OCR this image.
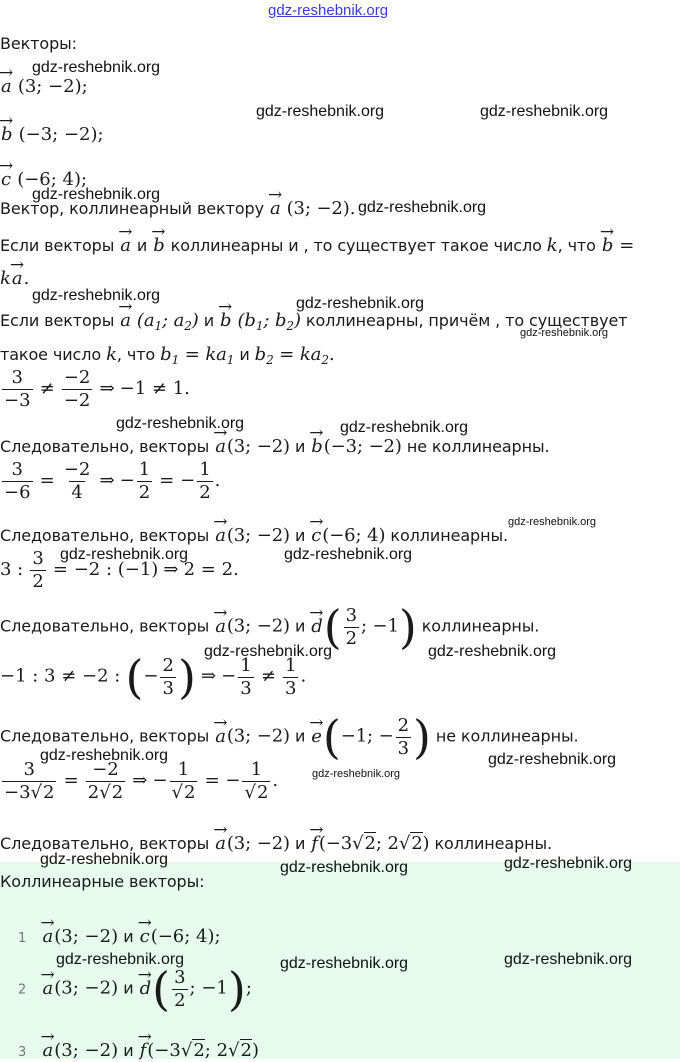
gdz-reshebnik.org
Векторы:
→ a (3; −2);
→ b (−3; −2);
→ c (−6; 4);
Вектор, коллинеарный вектору → a (3; −2).
Если векторы → a и → b коллинеарны и , то существует такое число k, что → b =
k→ a.
Если векторы → a ($a_1$; $a_2$) и → b ($b_1$; $b_2$) коллинеарны, причём , то существует
такое число k, что $b_1 = ka_1$ и $b_2 = ka_2$.
$\frac{3}{-3} \ne \frac{-2}{-2}$ ⇒ −1 ≠ 1.
Следовательно, векторы → a(3; −2) и → b(−3; −2) не коллинеарны.
$\frac{3}{-6} = \frac{-2}{4}$ ⇒ − $\frac{1}{2}$ = − $\frac{1}{2}$ .
Следовательно, векторы → a(3; −2) и → c(−6; 4) коллинеарны.
3 : $\frac{3}{2} = -2$ : (−1) ⇒ 2 = 2.
Следовательно, векторы → a(3; −2) $и \to d( \frac{3}{2}$ ; −1) коллинеарны.
−1 : 3 ≠ −2 : (− $\frac{2}{3}$ ) ⇒ − $\frac{1}{3} \ne \frac{1}{3}$ .
Следовательно, векторы → a(3; −2) и → e(−1; − $\frac{2}{3}$ ) не коллинеарны.
$\frac{3}{-3√2} = \frac{-2}{2√2}$ ⇒ − $\frac{1}{√2}$ = − $\frac{1}{√2}$ .
Следовательно, векторы → a(3; −2) и → f(−3√2; 2√2) коллинеарны.
Коллинеарные векторы:
1 → a(3; −2) и → c(−6; 4);
2 → a(3; −2) $и \to d( \frac{3}{2}$ ; −1);
3 → a(3; −2) и → f(−3√2; 2√2)
gdz-reshebnik.org
gdz-reshebnik.org	gdz-reshebnik.org
gdz-reshebnik.org
gdz-reshebnik.org
gdz-reshebnik.org	gdz-reshebnik.org
gdz-reshebnik.org
gdz-reshebnik.org	gdz-reshebnik.org
gdz-reshebnik.org
gdz-reshebnik.org	gdz-reshebnik.org
gdz-reshebnik.org	gdz-reshebnik.org
gdz-reshebnik.org
gdz-reshebnik.org
gdz-reshebnik.org
gdz-reshebnik.org	gdz-reshebnik.org	gdz-reshebnik.org
gdz-reshebnik.org	gdz-reshebnik.org	gdz-reshebnik.org
